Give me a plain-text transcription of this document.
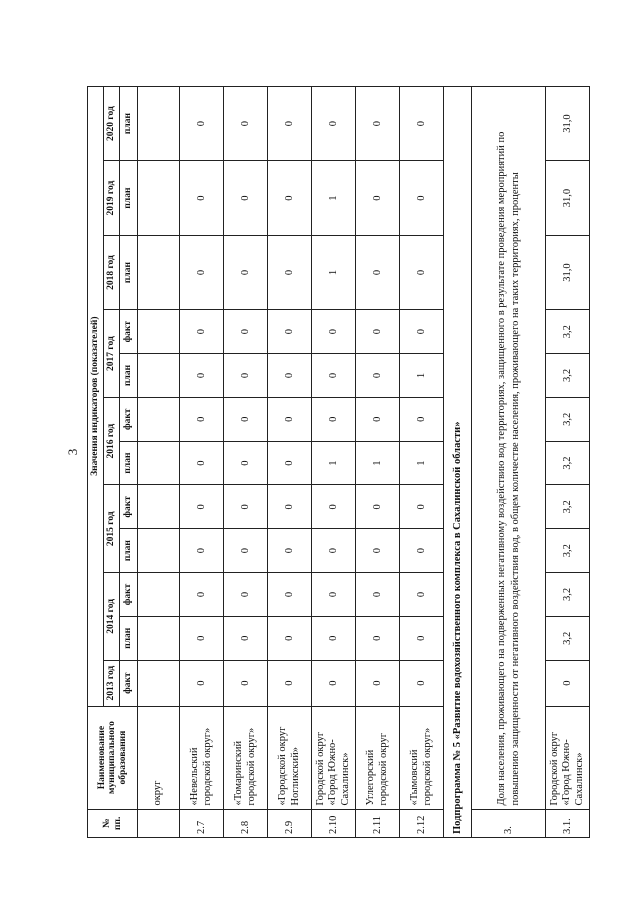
3
№ пп.	Наименование муниципального образования	Значения индикаторов (показателей)												
		2013 год	2014 год		2015 год		2016 год		2017 год		2018 год	2019 год	2020 год	
		факт	план	факт	план	факт	план	факт	план	факт	план	план	план	
	округ													
2.7	«Невельский городской округ»	0	0	0	0	0	0	0	0	0	0	0	0	
2.8	«Томаринский городской округ»	0	0	0	0	0	0	0	0	0	0	0	0	
2.9	«Городской округ Ногликский»	0	0	0	0	0	0	0	0	0	0	0	0	
2.10	Городской округ «Город Южно-Сахалинск»	0	0	0	0	0	1	0	0	0	1	1	0	
2.11	Углегорский городской округ	0	0	0	0	0	1	0	0	0	0	0	0	
2.12	«Тымовский городской округ»	0	0	0	0	0	1	0	1	0	0	0	0	
Подпрограмма № 5 «Развитие водохозяйственного комплекса в Сахалинской области»														
3.	Доля населения, проживающего на подверженных негативному воздействию вод территориях, защищенного в результате проведения мероприятий по повышению защищенности от негативного воздействия вод, в общем количестве населения, проживающего на таких территориях, проценты													
3.1.	Городской округ «Город Южно-Сахалинск»	0	3,2	3,2	3,2	3,2	3,2	3,2	3,2	3,2	31,0	31,0	31,0	
